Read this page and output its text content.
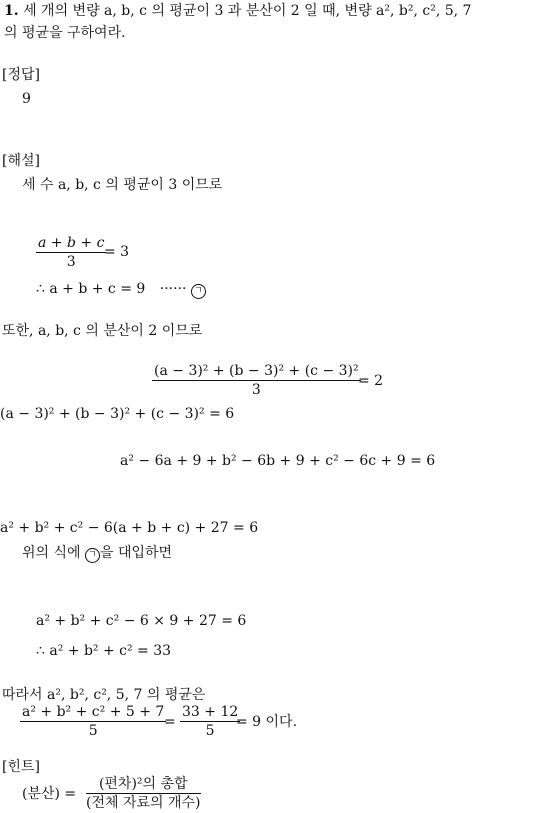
1. 세 개의 변량 a, b, c 의 평균이 3 과 분산이 2 일 때, 변량 a², b², c², 5, 7
의 평균을 구하여라.
[정답]
9
[해설]
세 수 a, b, c 의 평균이 3 이므로
a + b + c
3
= 3
∴ a + b + c = 9 ······ ㄱ
또한, a, b, c 의 분산이 2 이므로
(a − 3)² + (b − 3)² + (c − 3)²
3
= 2
(a − 3)² + (b − 3)² + (c − 3)² = 6
a² − 6a + 9 + b² − 6b + 9 + c² − 6c + 9 = 6
a² + b² + c² − 6(a + b + c) + 27 = 6
위의 식에 ㄱ 을 대입하면
a² + b² + c² − 6 × 9 + 27 = 6
∴ a² + b² + c² = 33
따라서 a², b², c², 5, 7 의 평균은
a² + b² + c² + 5 + 7
5
=
33 + 12
5
= 9 이다.
[힌트]
(분산) =
(편차)²의 총합
(전체 자료의 개수)
